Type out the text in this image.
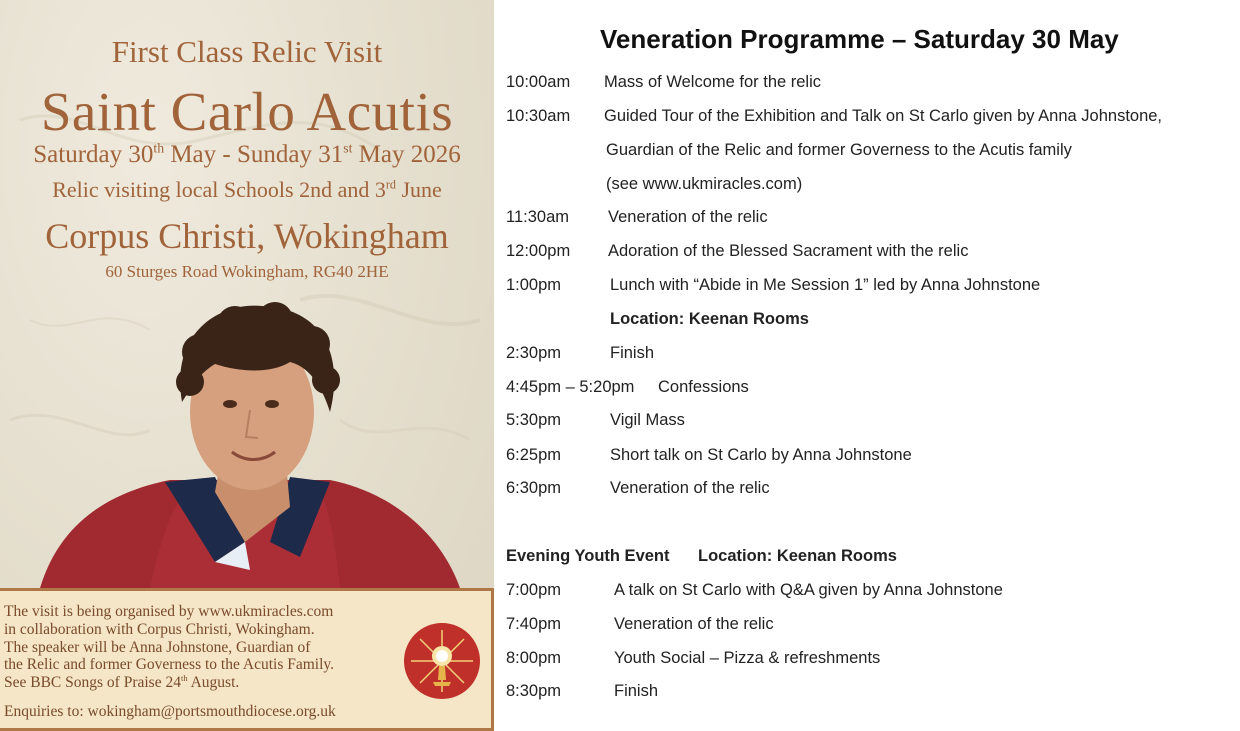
First Class Relic Visit
Saint Carlo Acutis
Saturday 30th May - Sunday 31st May 2026
Relic visiting local Schools 2nd and 3rd June
Corpus Christi, Wokingham
60 Sturges Road Wokingham, RG40 2HE
The visit is being organised by www.ukmiracles.com
in collaboration with Corpus Christi, Wokingham.
The speaker will be Anna Johnstone, Guardian of
the Relic and former Governess to the Acutis Family.
See BBC Songs of Praise 24th August.
Enquiries to: wokingham@portsmouthdiocese.org.uk
Veneration Programme – Saturday 30 May
10:00am Mass of Welcome for the relic
10:30am Guided Tour of the Exhibition and Talk on St Carlo given by Anna Johnstone,
Guardian of the Relic and former Governess to the Acutis family
(see www.ukmiracles.com)
11:30am Veneration of the relic
12:00pm Adoration of the Blessed Sacrament with the relic
1:00pm	Lunch with “Abide in Me Session 1” led by Anna Johnstone
Location: Keenan Rooms
2:30pm	Finish
4:45pm – 5:20pm Confessions
5:30pm	Vigil Mass
6:25pm	Short talk on St Carlo by Anna Johnstone
6:30pm	Veneration of the relic
Evening Youth Event Location: Keenan Rooms
7:00pm	A talk on St Carlo with Q&A given by Anna Johnstone
7:40pm	Veneration of the relic
8:00pm	Youth Social – Pizza & refreshments
8:30pm	Finish
